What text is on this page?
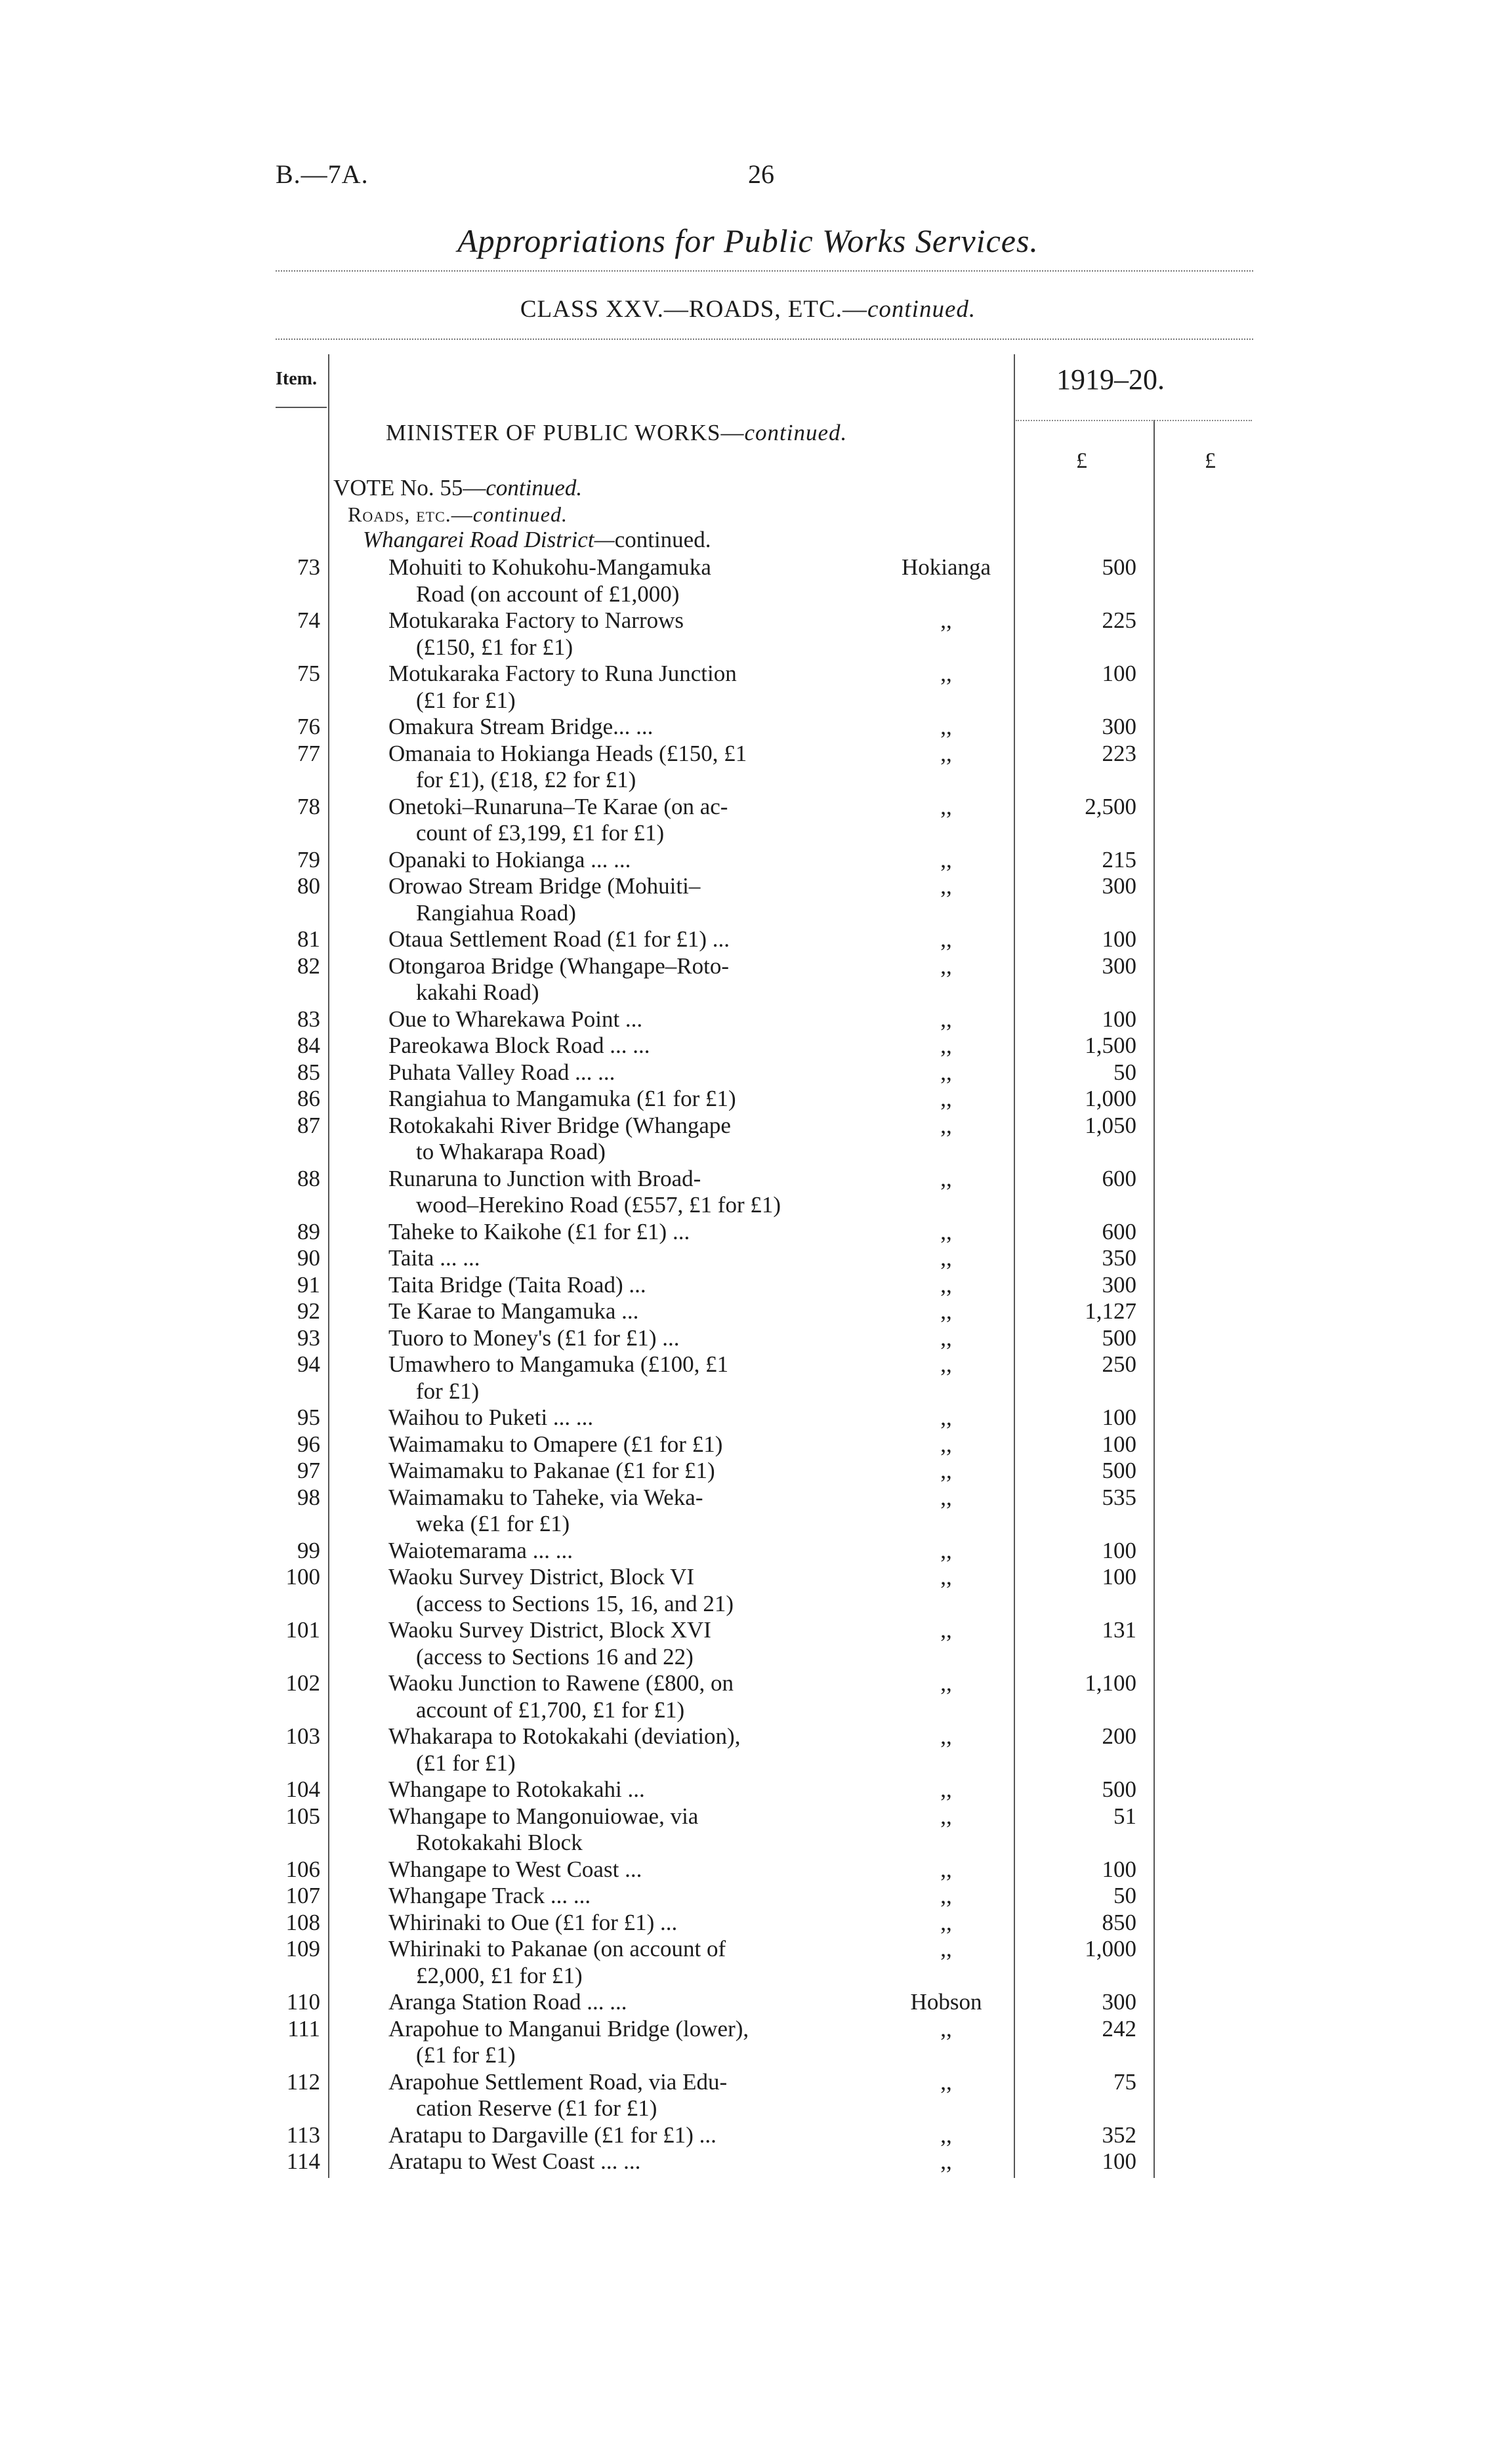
B.—7A.	26
Appropriations for Public Works Services.
CLASS XXV.—ROADS, ETC.—continued.
Item.	1919–20.
£	£
MINISTER OF PUBLIC WORKS—continued.
VOTE No. 55—continued.
Roads, etc.—continued.
Whangarei Road District—continued.
73	Mohuiti to Kohukohu-Mangamuka
Road (on account of £1,000)
Hokianga	500
74	Motukaraka Factory to Narrows
(£150, £1 for £1)
,,	225
75	Motukaraka Factory to Runa Junction
(£1 for £1)
,,	100
76	Omakura Stream Bridge... ...	,,	300
77	Omanaia to Hokianga Heads (£150, £1
for £1), (£18, £2 for £1)
,,	223
78	Onetoki–Runaruna–Te Karae (on ac-
count of £3,199, £1 for £1)
,,	2,500
79	Opanaki to Hokianga ... ...	,,	215
80	Orowao Stream Bridge (Mohuiti–
Rangiahua Road)
,,	300
81	Otaua Settlement Road (£1 for £1) ...	,,	100
82	Otongaroa Bridge (Whangape–Roto-
kakahi Road)
,,	300
83	Oue to Wharekawa Point ...	,,	100
84	Pareokawa Block Road ... ...	,,	1,500
85	Puhata Valley Road ... ...	,,	50
86	Rangiahua to Mangamuka (£1 for £1)	,,	1,000
87	Rotokakahi River Bridge (Whangape
to Whakarapa Road)
,,	1,050
88	Runaruna to Junction with Broad-
wood–Herekino Road (£557, £1 for £1)
,,	600
89	Taheke to Kaikohe (£1 for £1) ...	,,	600
90	Taita ... ...	,,	350
91	Taita Bridge (Taita Road) ...	,,	300
92	Te Karae to Mangamuka ...	,,	1,127
93	Tuoro to Money's (£1 for £1) ...	,,	500
94	Umawhero to Mangamuka (£100, £1
for £1)
,,	250
95	Waihou to Puketi ... ...	,,	100
96	Waimamaku to Omapere (£1 for £1)	,,	100
97	Waimamaku to Pakanae (£1 for £1)	,,	500
98	Waimamaku to Taheke, via Weka-
weka (£1 for £1)
,,	535
99	Waiotemarama ... ...	,,	100
100	Waoku Survey District, Block VI
(access to Sections 15, 16, and 21)
,,	100
101	Waoku Survey District, Block XVI
(access to Sections 16 and 22)
,,	131
102	Waoku Junction to Rawene (£800, on
account of £1,700, £1 for £1)
,,	1,100
103	Whakarapa to Rotokakahi (deviation),
(£1 for £1)
,,	200
104	Whangape to Rotokakahi ...	,,	500
105	Whangape to Mangonuiowae, via
Rotokakahi Block
,,	51
106	Whangape to West Coast ...	,,	100
107	Whangape Track ... ...	,,	50
108	Whirinaki to Oue (£1 for £1) ...	,,	850
109	Whirinaki to Pakanae (on account of
£2,000, £1 for £1)
,,	1,000
110	Aranga Station Road ... ...	Hobson	300
111	Arapohue to Manganui Bridge (lower),
(£1 for £1)
,,	242
112	Arapohue Settlement Road, via Edu-
cation Reserve (£1 for £1)
,,	75
113	Aratapu to Dargaville (£1 for £1) ...	,,	352
114	Aratapu to West Coast ... ...	,,	100
